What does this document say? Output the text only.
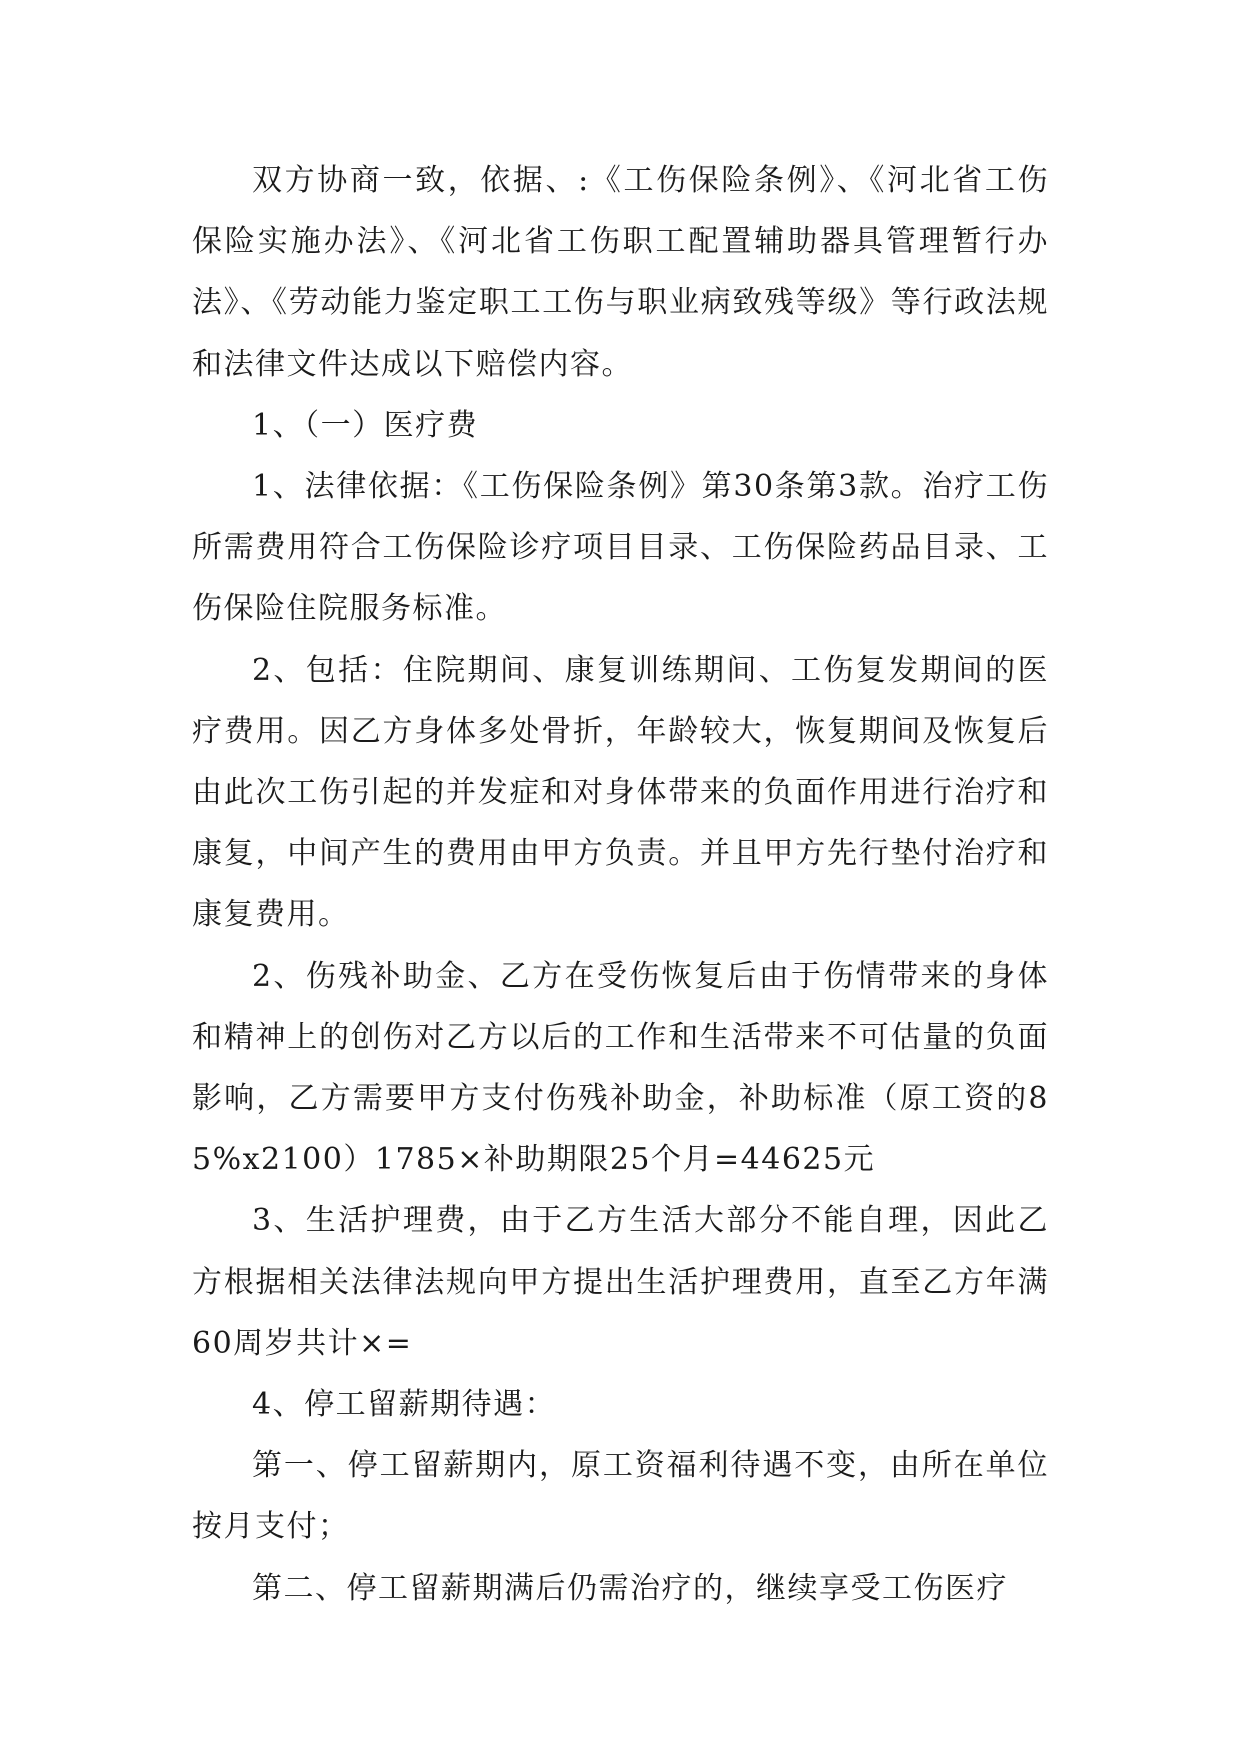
双方协商一致，依据、:《工伤保险条例》、《河北省工伤保险实施办法》、《河北省工伤职工配置辅助器具管理暂行办法》、《劳动能力鉴定职工工伤与职业病致残等级》等行政法规和法律文件达成以下赔偿内容。

1、（一）医疗费

1、法律依据：《工伤保险条例》第30条第3款。治疗工伤所需费用符合工伤保险诊疗项目目录、工伤保险药品目录、工伤保险住院服务标准。

2、包括：住院期间、康复训练期间、工伤复发期间的医疗费用。因乙方身体多处骨折，年龄较大，恢复期间及恢复后由此次工伤引起的并发症和对身体带来的负面作用进行治疗和康复，中间产生的费用由甲方负责。并且甲方先行垫付治疗和康复费用。

2、伤残补助金、乙方在受伤恢复后由于伤情带来的身体和精神上的创伤对乙方以后的工作和生活带来不可估量的负面影响，乙方需要甲方支付伤残补助金，补助标准（原工资的85%x2100）1785×补助期限25个月=44625元

3、生活护理费，由于乙方生活大部分不能自理，因此乙方根据相关法律法规向甲方提出生活护理费用，直至乙方年满60周岁共计×=

4、停工留薪期待遇：

第一、停工留薪期内，原工资福利待遇不变，由所在单位按月支付；

第二、停工留薪期满后仍需治疗的，继续享受工伤医疗
